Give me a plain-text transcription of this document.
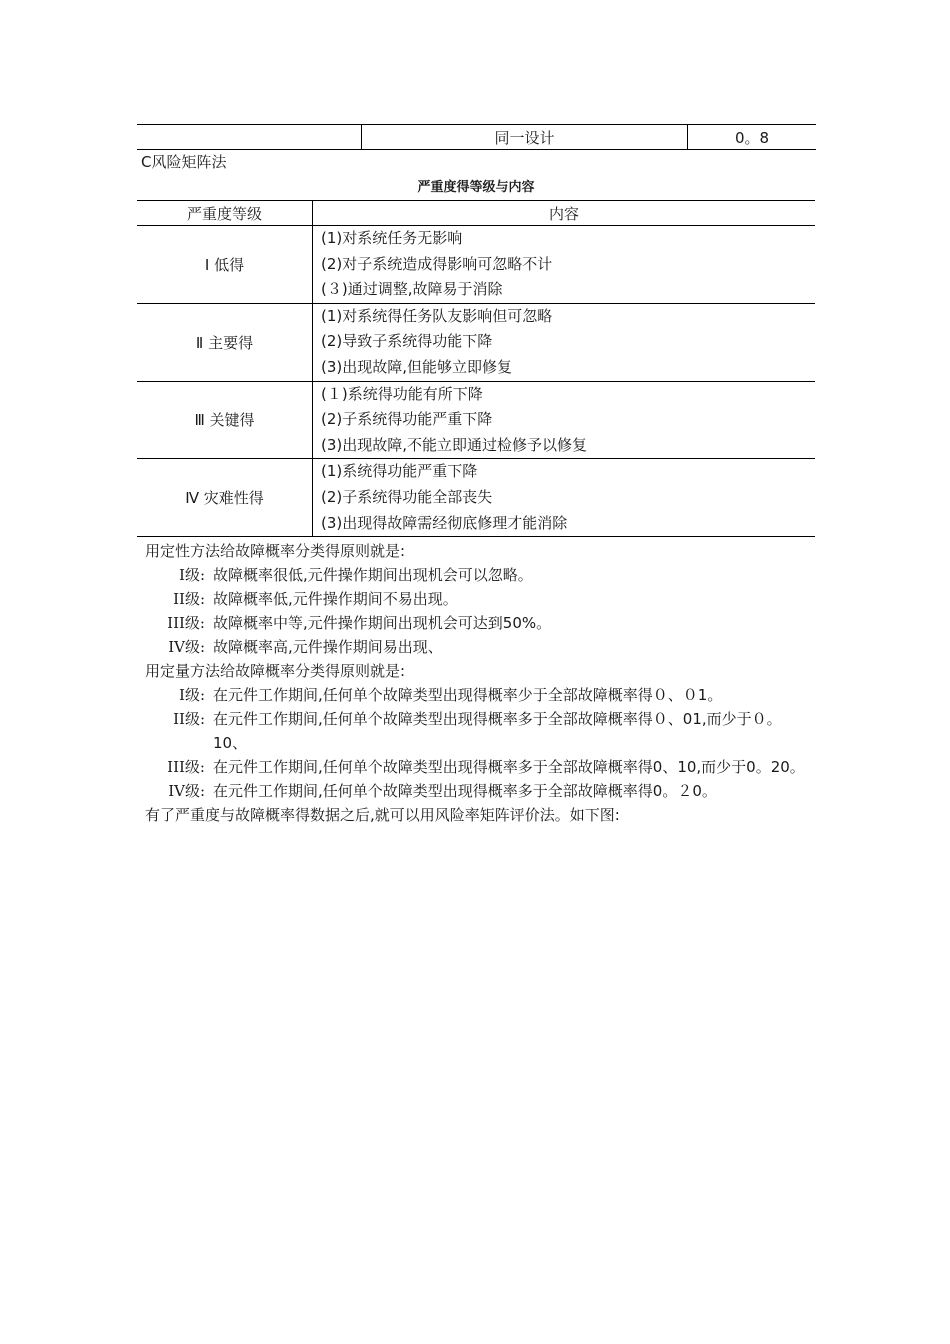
	同一设计	0。8
C风险矩阵法
严重度得等级与内容
严重度等级	内容
Ⅰ 低得	(1)对系统任务无影响
(2)对子系统造成得影响可忽略不计
(３)通过调整,故障易于消除

Ⅱ 主要得	(1)对系统得任务队友影响但可忽略
(2)导致子系统得功能下降
(3)出现故障,但能够立即修复

Ⅲ 关键得	(１)系统得功能有所下降
(2)子系统得功能严重下降
(3)出现故障,不能立即通过检修予以修复

Ⅳ 灾难性得	(1)系统得功能严重下降
(2)子系统得功能全部丧失
(3)出现得故障需经彻底修理才能消除
用定性方法给故障概率分类得原则就是:
I级: 故障概率很低,元件操作期间出现机会可以忽略。
II级: 故障概率低,元件操作期间不易出现。
III级: 故障概率中等,元件操作期间出现机会可达到50%。
IV级: 故障概率高,元件操作期间易出现、
用定量方法给故障概率分类得原则就是:
I级: 在元件工作期间,任何单个故障类型出现得概率少于全部故障概率得０、０1。
II级: 在元件工作期间,任何单个故障类型出现得概率多于全部故障概率得０、01,而少于０。10、
III级: 在元件工作期间,任何单个故障类型出现得概率多于全部故障概率得0、10,而少于0。20。
IV级: 在元件工作期间,任何单个故障类型出现得概率多于全部故障概率得0。２0。
有了严重度与故障概率得数据之后,就可以用风险率矩阵评价法。如下图:
